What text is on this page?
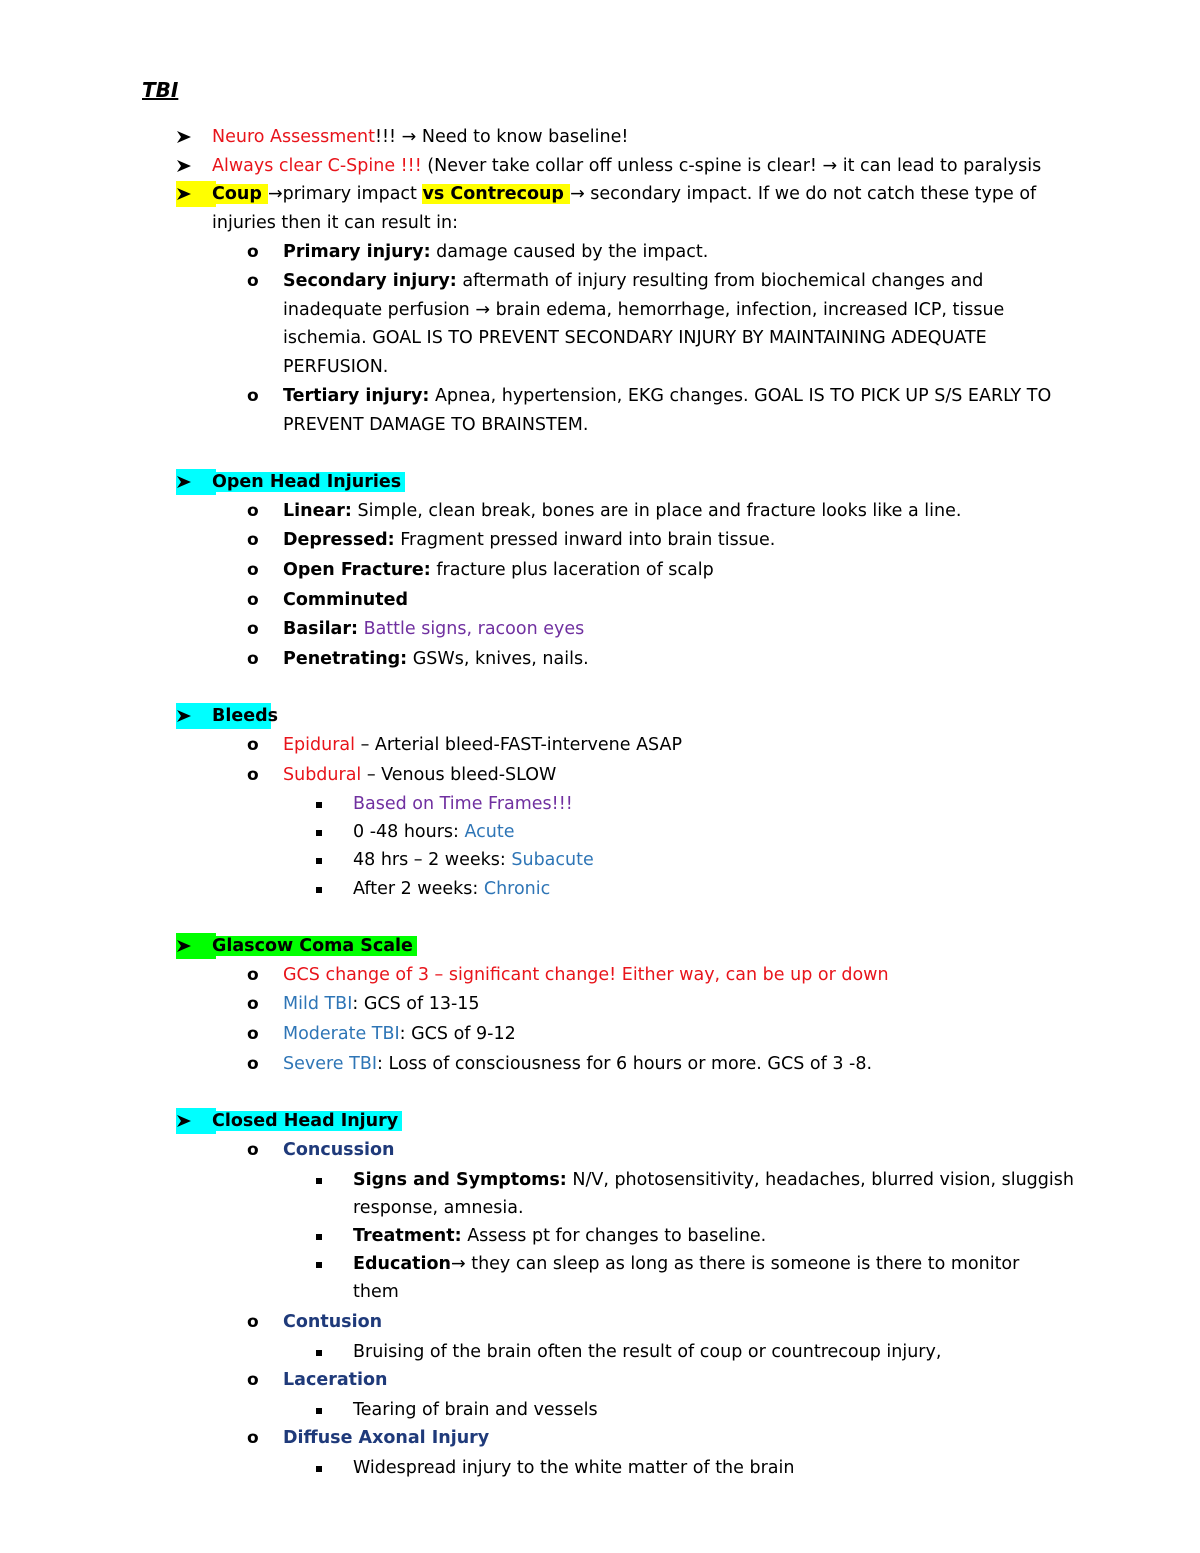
TBI
Neuro Assessment!!! → Need to know baseline!
Always clear C-Spine !!! (Never take collar off unless c-spine is clear! → it can lead to paralysis
Coup →primary impact vs Contrecoup → secondary impact. If we do not catch these type of
injuries then it can result in:
o Primary injury: damage caused by the impact.
o Secondary injury: aftermath of injury resulting from biochemical changes and
inadequate perfusion → brain edema, hemorrhage, infection, increased ICP, tissue
ischemia. GOAL IS TO PREVENT SECONDARY INJURY BY MAINTAINING ADEQUATE
PERFUSION.
o Tertiary injury: Apnea, hypertension, EKG changes. GOAL IS TO PICK UP S/S EARLY TO
PREVENT DAMAGE TO BRAINSTEM.
Open Head Injuries
o Linear: Simple, clean break, bones are in place and fracture looks like a line.
o Depressed: Fragment pressed inward into brain tissue.
o Open Fracture: fracture plus laceration of scalp
o Comminuted
o Basilar: Battle signs, racoon eyes
o Penetrating: GSWs, knives, nails.
Bleeds
o Epidural – Arterial bleed-FAST-intervene ASAP
o Subdural – Venous bleed-SLOW
Based on Time Frames!!!
0 -48 hours: Acute
48 hrs – 2 weeks: Subacute
After 2 weeks: Chronic
Glascow Coma Scale
o GCS change of 3 – significant change! Either way, can be up or down
o Mild TBI: GCS of 13-15
o Moderate TBI: GCS of 9-12
o Severe TBI: Loss of consciousness for 6 hours or more. GCS of 3 -8.
Closed Head Injury
o Concussion
Signs and Symptoms: N/V, photosensitivity, headaches, blurred vision, sluggish
response, amnesia.
Treatment: Assess pt for changes to baseline.
Education→ they can sleep as long as there is someone is there to monitor
them
o Contusion
Bruising of the brain often the result of coup or countrecoup injury,
o Laceration
Tearing of brain and vessels
o Diffuse Axonal Injury
Widespread injury to the white matter of the brain
